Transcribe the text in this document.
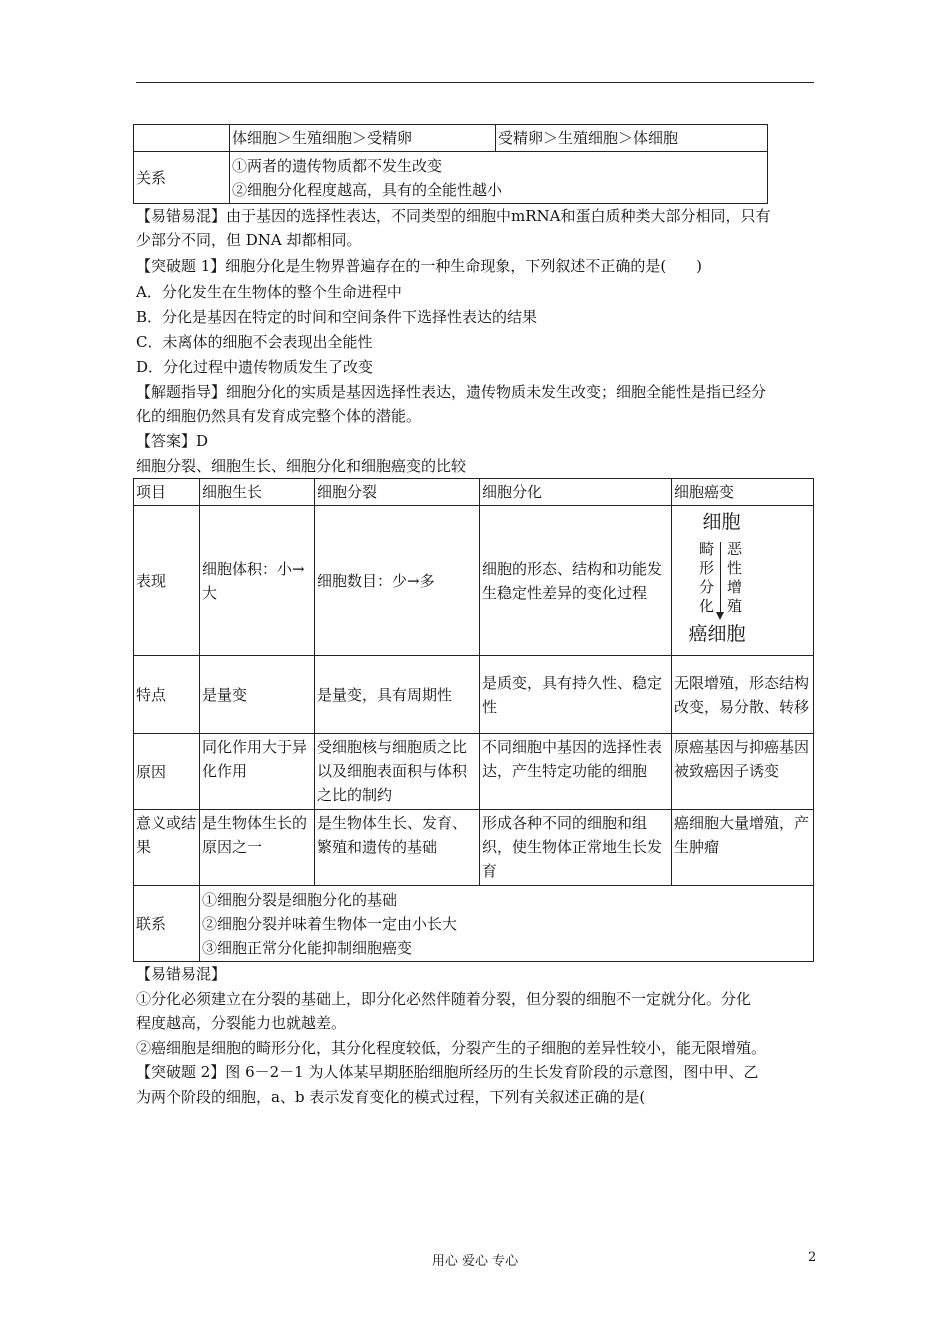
	体细胞＞生殖细胞＞受精卵	受精卵＞生殖细胞＞体细胞
关系	①两者的遗传物质都不发生改变
②细胞分化程度越高，具有的全能性越小	
【易错易混】由于基因的选择性表达，不同类型的细胞中mRNA和蛋白质种类大部分相同，只有
少部分不同，但 DNA 却都相同。
【突破题 1】细胞分化是生物界普遍存在的一种生命现象，下列叙述不正确的是(　　)
A．分化发生在生物体的整个生命进程中
B．分化是基因在特定的时间和空间条件下选择性表达的结果
C．未离体的细胞不会表现出全能性
D．分化过程中遗传物质发生了改变
【解题指导】细胞分化的实质是基因选择性表达，遗传物质未发生改变；细胞全能性是指已经分
化的细胞仍然具有发育成完整个体的潜能。
【答案】D
细胞分裂、细胞生长、细胞分化和细胞癌变的比较
项目	细胞生长	细胞分裂	细胞分化	细胞癌变
表现	细胞体积：小→大	细胞数目：少→多	细胞的形态、结构和功能发生稳定性差异的变化过程	细胞
畸形分化
恶性增殖
癌细胞

特点	是量变	是量变，具有周期性	是质变，具有持久性、稳定性	无限增殖，形态结构改变，易分散、转移
原因	同化作用大于异化作用	受细胞核与细胞质之比以及细胞表面积与体积之比的制约	不同细胞中基因的选择性表达，产生特定功能的细胞	原癌基因与抑癌基因被致癌因子诱变
意义或结果	是生物体生长的原因之一	是生物体生长、发育、繁殖和遗传的基础	形成各种不同的细胞和组织，使生物体正常地生长发育	癌细胞大量增殖，产生肿瘤
联系	①细胞分裂是细胞分化的基础
②细胞分裂并味着生物体一定由小长大
③细胞正常分化能抑制细胞癌变			
【易错易混】
①分化必须建立在分裂的基础上，即分化必然伴随着分裂，但分裂的细胞不一定就分化。分化
程度越高，分裂能力也就越差。
②癌细胞是细胞的畸形分化，其分化程度较低，分裂产生的子细胞的差异性较小，能无限增殖。
【突破题 2】图 6－2－1 为人体某早期胚胎细胞所经历的生长发育阶段的示意图，图中甲、乙
为两个阶段的细胞，a、b 表示发育变化的模式过程，下列有关叙述正确的是(
用心 爱心 专心	2
